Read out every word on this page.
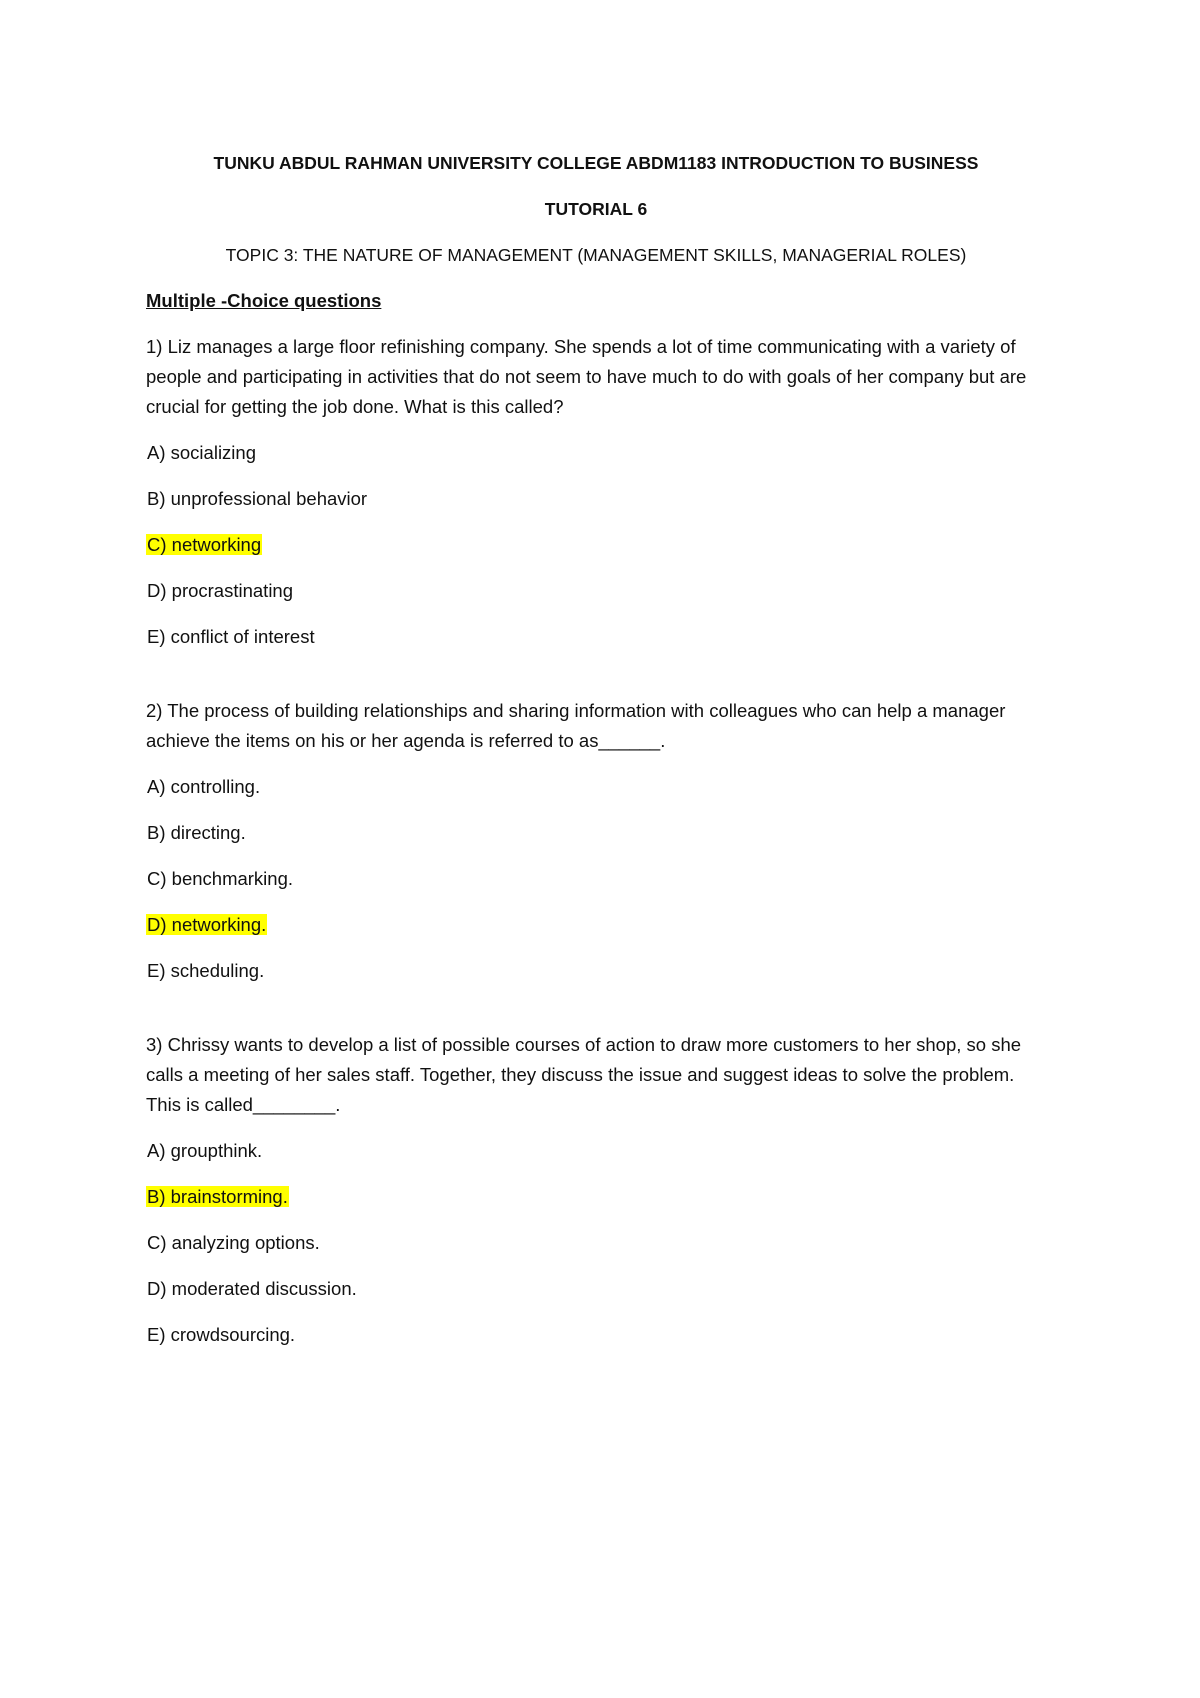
TUNKU ABDUL RAHMAN UNIVERSITY COLLEGE ABDM1183 INTRODUCTION TO BUSINESS

TUTORIAL 6

TOPIC 3: THE NATURE OF MANAGEMENT (MANAGEMENT SKILLS, MANAGERIAL ROLES)

Multiple -Choice questions

1) Liz manages a large floor refinishing company. She spends a lot of time communicating with a variety of people and participating in activities that do not seem to have much to do with goals of her company but are crucial for getting the job done. What is this called?

A) socializing
B) unprofessional behavior
C) networking
D) procrastinating
E) conflict of interest

2) The process of building relationships and sharing information with colleagues who can help a manager achieve the items on his or her agenda is referred to as______.

A) controlling.
B) directing.
C) benchmarking.
D) networking.
E) scheduling.

3) Chrissy wants to develop a list of possible courses of action to draw more customers to her shop, so she calls a meeting of her sales staff. Together, they discuss the issue and suggest ideas to solve the problem. This is called________.

A) groupthink.
B) brainstorming.
C) analyzing options.
D) moderated discussion.
E) crowdsourcing.
